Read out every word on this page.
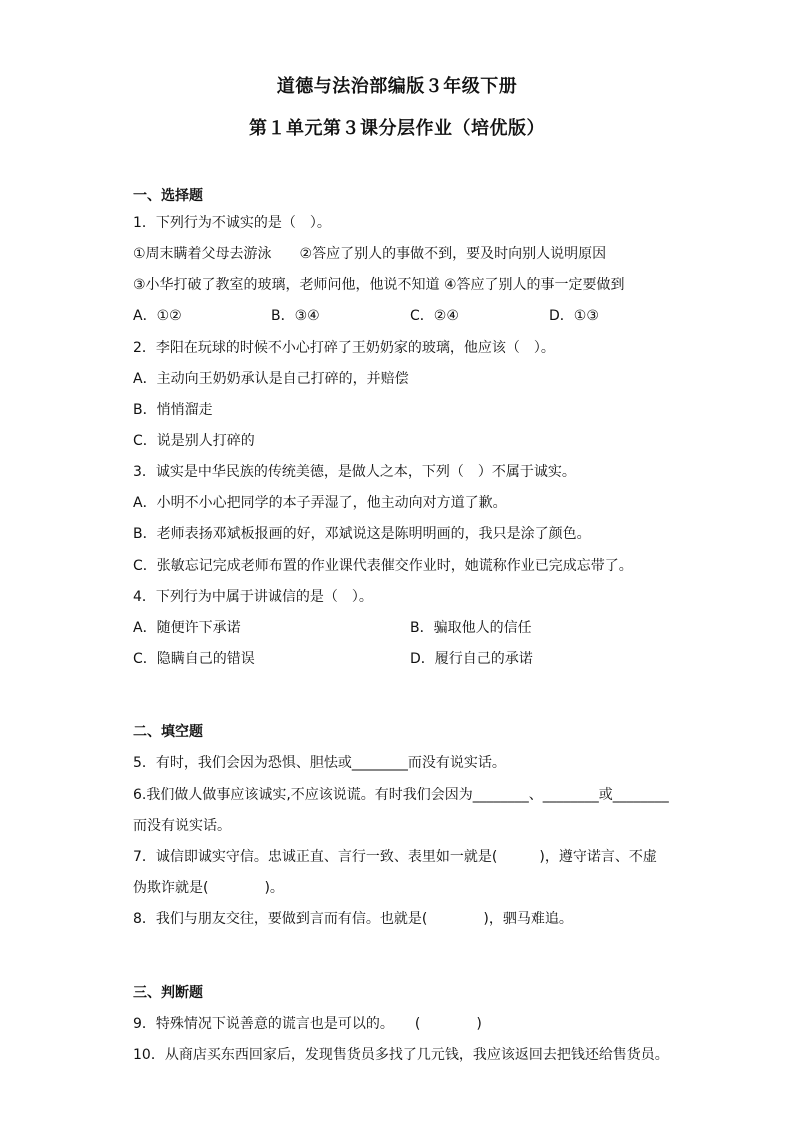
道德与法治部编版３年级下册
第１单元第３课分层作业（培优版）
一、选择题
1．下列行为不诚实的是（　）。
①周末瞒着父母去游泳　　②答应了别人的事做不到，要及时向别人说明原因
③小华打破了教室的玻璃，老师问他，他说不知道 ④答应了别人的事一定要做到
A．①②	B．③④	C．②④	D．①③
2．李阳在玩球的时候不小心打碎了王奶奶家的玻璃，他应该（　）。
A．主动向王奶奶承认是自己打碎的，并赔偿
B．悄悄溜走
C．说是别人打碎的
3．诚实是中华民族的传统美德，是做人之本，下列（　）不属于诚实。
A．小明不小心把同学的本子弄湿了，他主动向对方道了歉。
B．老师表扬邓斌板报画的好，邓斌说这是陈明明画的，我只是涂了颜色。
C．张敏忘记完成老师布置的作业课代表催交作业时，她谎称作业已完成忘带了。
4．下列行为中属于讲诚信的是（　）。
A．随便许下承诺	B．骗取他人的信任
C．隐瞒自己的错误	D．履行自己的承诺
二、填空题
5．有时，我们会因为恐惧、胆怯或________而没有说实话。
6.我们做人做事应该诚实,不应该说谎。有时我们会因为________、________或________
而没有说实话。
7．诚信即诚实守信。忠诚正直、言行一致、表里如一就是(　　　)，遵守诺言、不虚
伪欺诈就是(　　　　)。
8．我们与朋友交往，要做到言而有信。也就是(　　　　)，驷马难追。
三、判断题
9．特殊情况下说善意的谎言也是可以的。　　(　　　　)
10．从商店买东西回家后，发现售货员多找了几元钱，我应该返回去把钱还给售货员。
